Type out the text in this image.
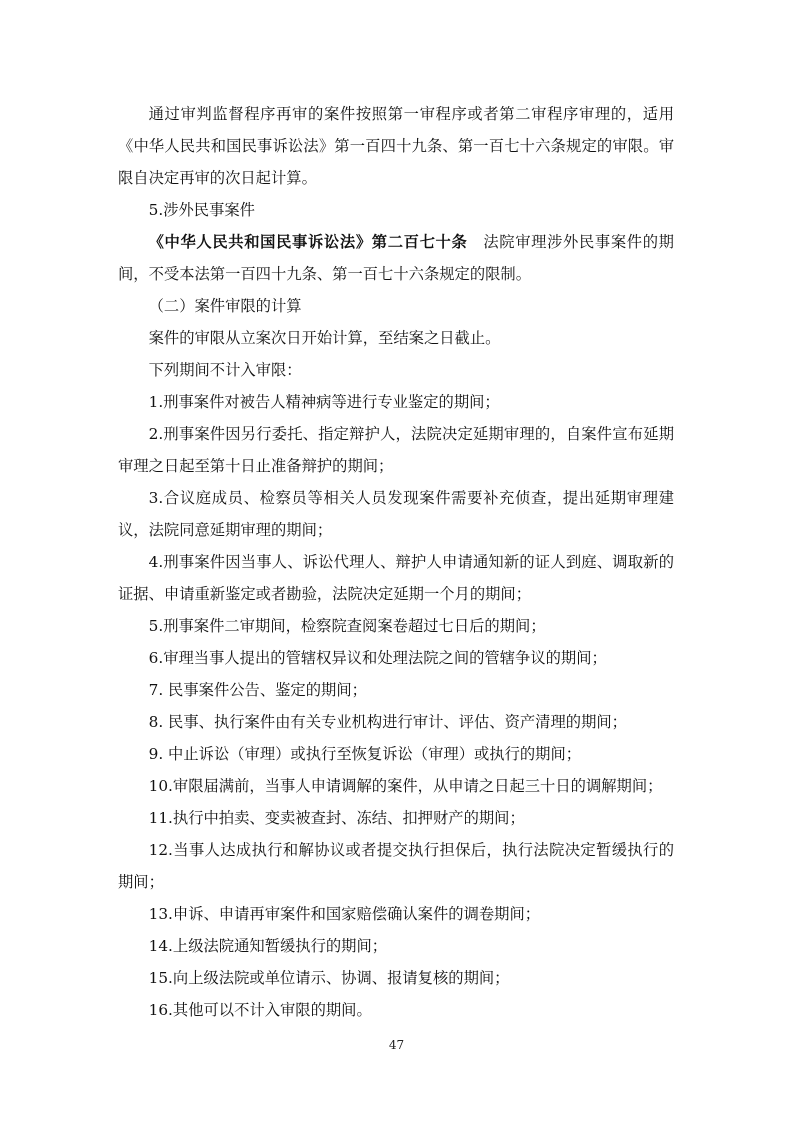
通过审判监督程序再审的案件按照第一审程序或者第二审程序审理的，适用《中华人民共和国民事诉讼法》第一百四十九条、第一百七十六条规定的审限。审限自决定再审的次日起计算。

5.涉外民事案件

《中华人民共和国民事诉讼法》第二百七十条　法院审理涉外民事案件的期间，不受本法第一百四十九条、第一百七十六条规定的限制。

（二）案件审限的计算

案件的审限从立案次日开始计算，至结案之日截止。

下列期间不计入审限：

1.刑事案件对被告人精神病等进行专业鉴定的期间；

2.刑事案件因另行委托、指定辩护人，法院决定延期审理的，自案件宣布延期审理之日起至第十日止准备辩护的期间；

3.合议庭成员、检察员等相关人员发现案件需要补充侦查，提出延期审理建议，法院同意延期审理的期间；

4.刑事案件因当事人、诉讼代理人、辩护人申请通知新的证人到庭、调取新的证据、申请重新鉴定或者勘验，法院决定延期一个月的期间；

5.刑事案件二审期间，检察院查阅案卷超过七日后的期间；

6.审理当事人提出的管辖权异议和处理法院之间的管辖争议的期间；

7. 民事案件公告、鉴定的期间；

8. 民事、执行案件由有关专业机构进行审计、评估、资产清理的期间；

9. 中止诉讼（审理）或执行至恢复诉讼（审理）或执行的期间；

10.审限届满前，当事人申请调解的案件，从申请之日起三十日的调解期间；

11.执行中拍卖、变卖被查封、冻结、扣押财产的期间；

12.当事人达成执行和解协议或者提交执行担保后，执行法院决定暂缓执行的期间；

13.申诉、申请再审案件和国家赔偿确认案件的调卷期间；

14.上级法院通知暂缓执行的期间；

15.向上级法院或单位请示、协调、报请复核的期间；

16.其他可以不计入审限的期间。

47
